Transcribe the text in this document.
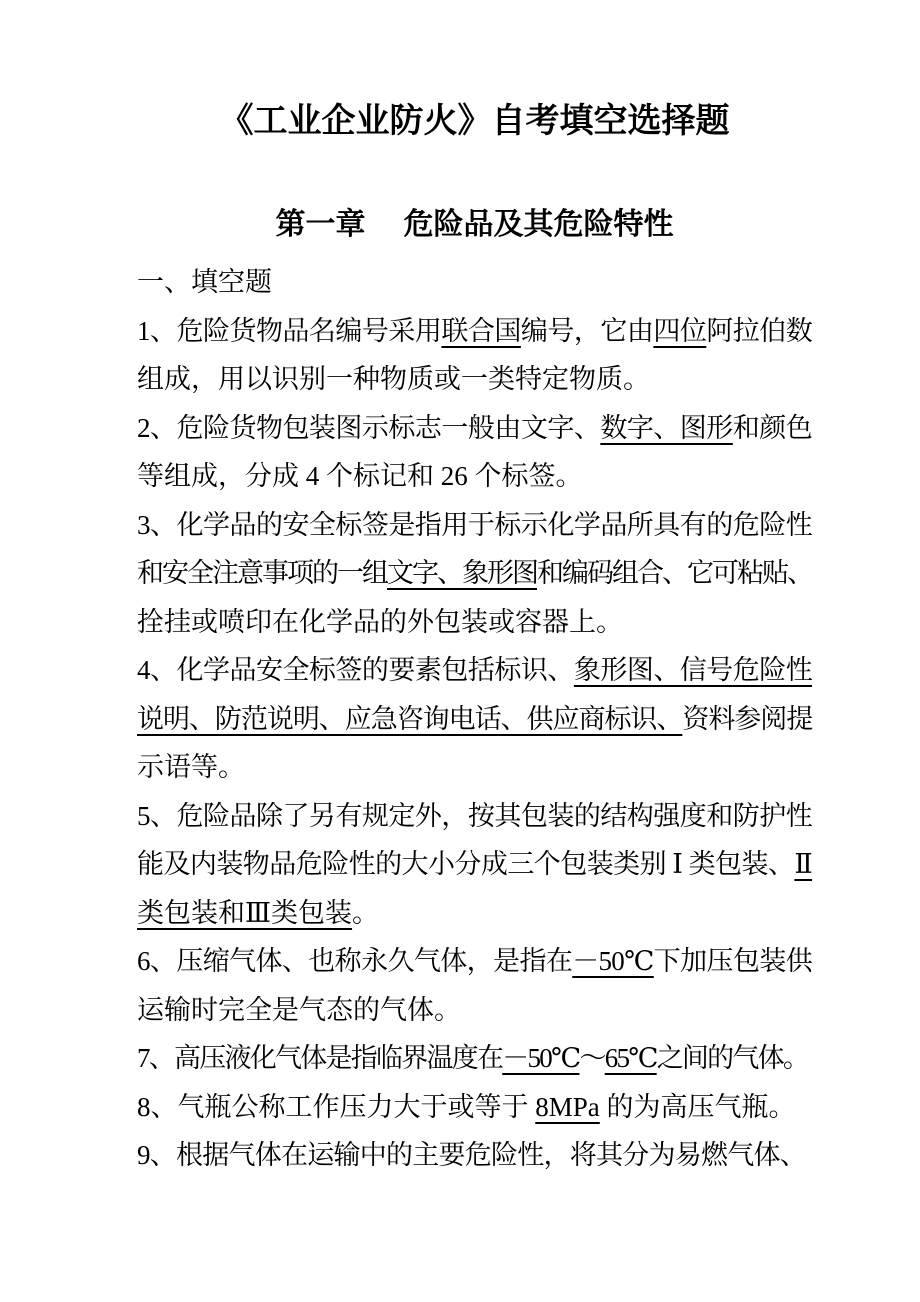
《工业企业防火》自考填空选择题
第一章 危险品及其危险特性
一、填空题
1、危险货物品名编号采用联合国编号，它由四位阿拉伯数
组成，用以识别一种物质或一类特定物质。
2、危险货物包装图示标志一般由文字、数字、图形和颜色
等组成，分成 4 个标记和 26 个标签。
3、化学品的安全标签是指用于标示化学品所具有的危险性
和安全注意事项的一组文字、象形图和编码组合、它可粘贴、
拴挂或喷印在化学品的外包装或容器上。
4、化学品安全标签的要素包括标识、象形图、信号危险性
说明、防范说明、应急咨询电话、供应商标识、资料参阅提
示语等。
5、危险品除了另有规定外，按其包装的结构强度和防护性
能及内装物品危险性的大小分成三个包装类别 Ⅰ 类包装、Ⅱ
类包装和Ⅲ类包装。
6、压缩气体、也称永久气体，是指在－50℃下加压包装供
运输时完全是气态的气体。
7、高压液化气体是指临界温度在－50℃～65℃之间的气体。
8、气瓶公称工作压力大于或等于 8MPa 的为高压气瓶。
9、根据气体在运输中的主要危险性，将其分为易燃气体、
